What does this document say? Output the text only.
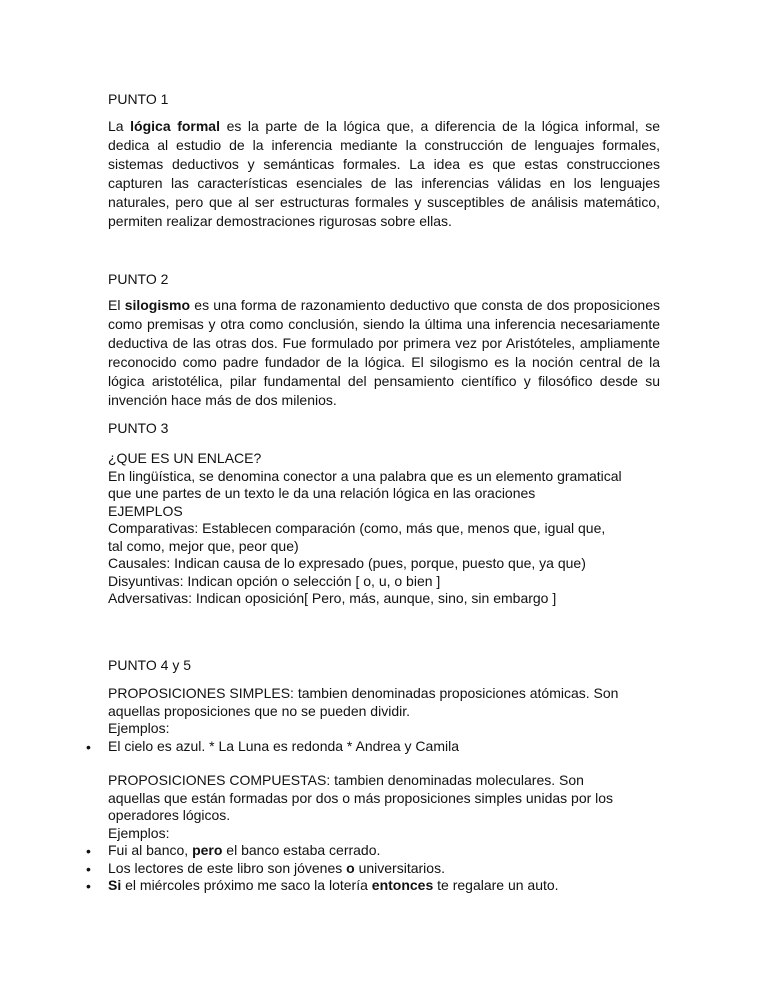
PUNTO 1
La lógica formal es la parte de la lógica que, a diferencia de la lógica informal, se dedica al estudio de la inferencia mediante la construcción de lenguajes formales, sistemas deductivos y semánticas formales. La idea es que estas construcciones capturen las características esenciales de las inferencias válidas en los lenguajes naturales, pero que al ser estructuras formales y susceptibles de análisis matemático, permiten realizar demostraciones rigurosas sobre ellas.
PUNTO 2
El silogismo es una forma de razonamiento deductivo que consta de dos proposiciones como premisas y otra como conclusión, siendo la última una inferencia necesariamente deductiva de las otras dos. Fue formulado por primera vez por Aristóteles, ampliamente reconocido como padre fundador de la lógica. El silogismo es la noción central de la lógica aristotélica, pilar fundamental del pensamiento científico y filosófico desde su invención hace más de dos milenios.
PUNTO 3
¿QUE ES UN ENLACE?
En lingüística, se denomina conector a una palabra que es un elemento gramatical
que une partes de un texto le da una relación lógica en las oraciones
EJEMPLOS
Comparativas: Establecen comparación (como, más que, menos que, igual que,
tal como, mejor que, peor que)
Causales: Indican causa de lo expresado (pues, porque, puesto que, ya que)
Disyuntivas: Indican opción o selección [ o, u, o bien ]
Adversativas: Indican oposición[ Pero, más, aunque, sino, sin embargo ]
PUNTO 4 y 5
PROPOSICIONES SIMPLES: tambien denominadas proposiciones atómicas. Son
aquellas proposiciones que no se pueden dividir.
Ejemplos:
El cielo es azul. * La Luna es redonda * Andrea y Camila
•
PROPOSICIONES COMPUESTAS: tambien denominadas moleculares. Son
aquellas que están formadas por dos o más proposiciones simples unidas por los
operadores lógicos.
Ejemplos:
Fui al banco, pero el banco estaba cerrado.
Los lectores de este libro son jóvenes o universitarios.
Si el miércoles próximo me saco la lotería entonces te regalare un auto.
•
•
•
